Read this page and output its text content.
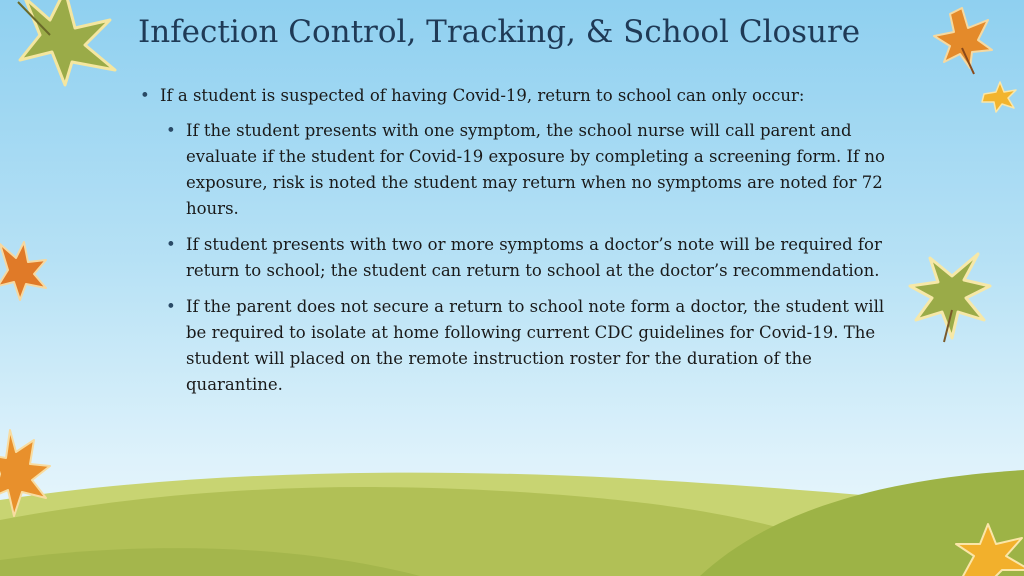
Infection Control, Tracking, & School Closure
• If a student is suspected of having Covid-19, return to school can only occur:
• If the student presents with one symptom, the school nurse will call parent and evaluate if the student for Covid-19 exposure by completing a screening form. If no exposure, risk is noted the student may return when no symptoms are noted for 72 hours.
• If student presents with two or more symptoms a doctor’s note will be required for return to school; the student can return to school at the doctor’s recommendation.
• If the parent does not secure a return to school note form a doctor, the student will be required to isolate at home following current CDC guidelines for Covid-19. The student will placed on the remote instruction roster for the duration of the quarantine.
